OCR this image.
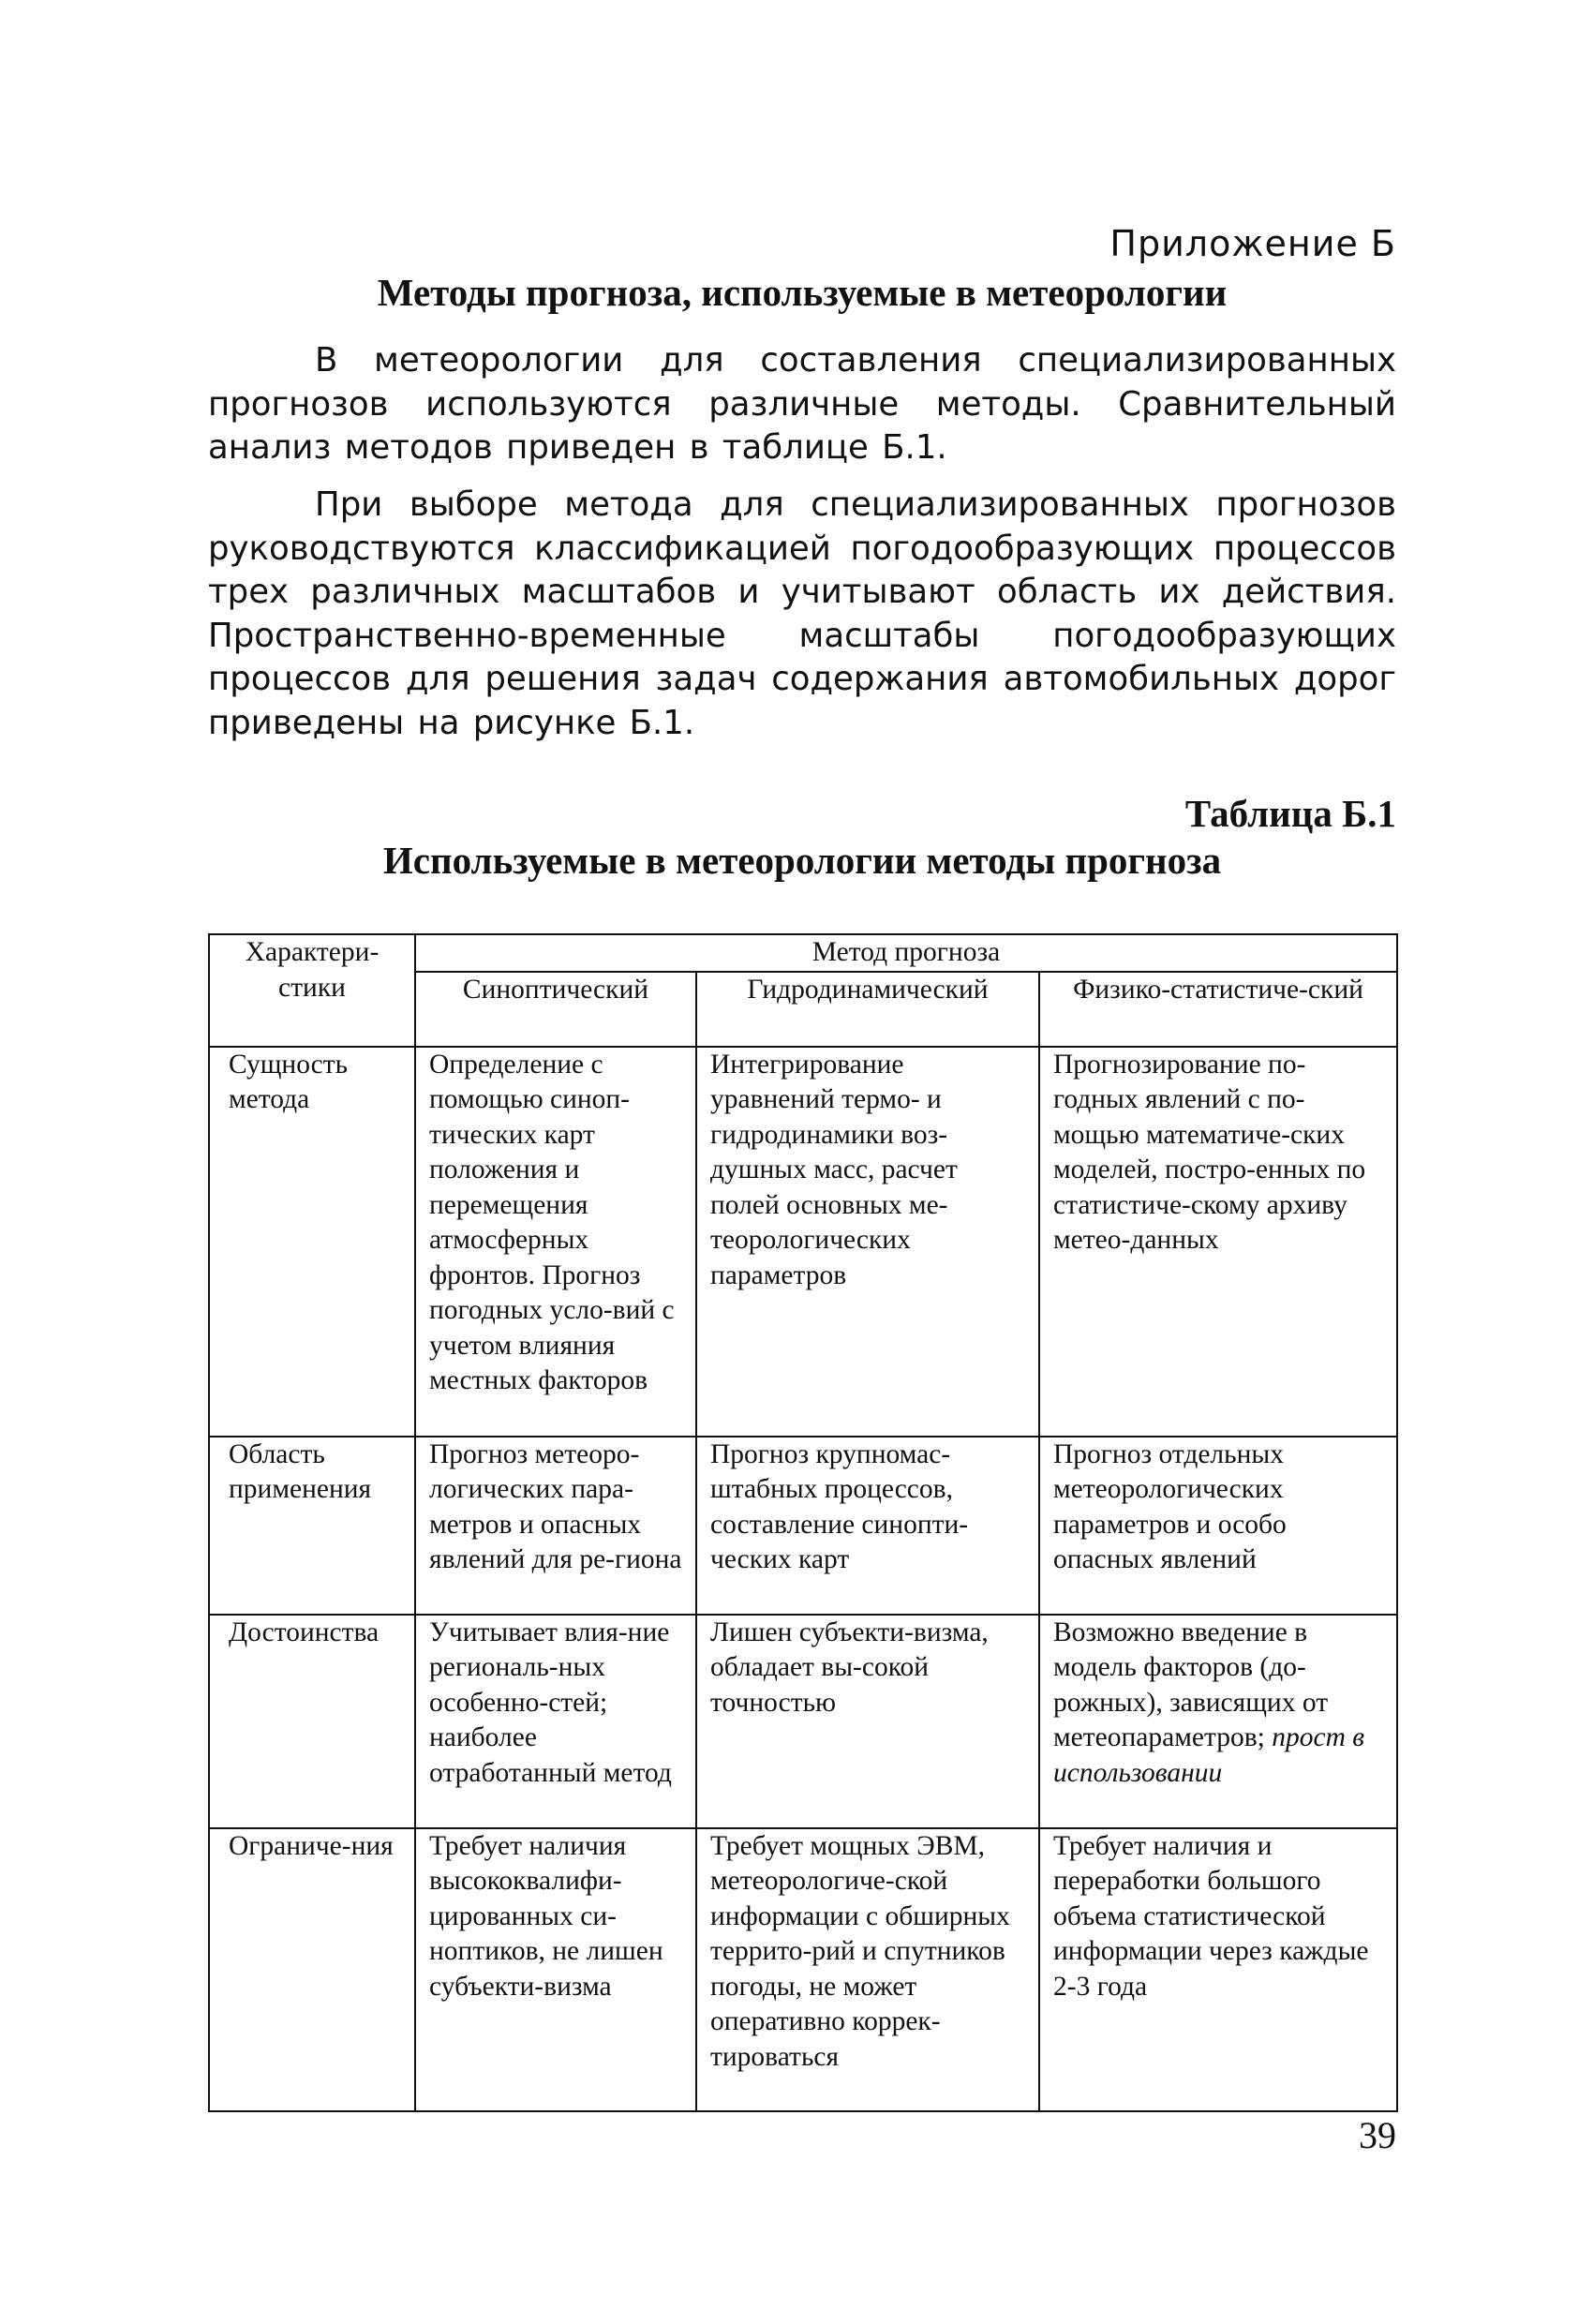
Приложение Б
Методы прогноза, используемые в метеорологии

В метеорологии для составления специализированных прогнозов используются различные методы. Сравнительный анализ методов приведен в таблице Б.1.

При выборе метода для специализированных прогнозов руководствуются классификацией погодообразующих процессов трех различных масштабов и учитывают область их действия. Пространственно-временные масштабы погодообразующих процессов для решения задач содержания автомобильных дорог приведены на рисунке Б.1.

Таблица Б.1
Используемые в метеорологии методы прогноза
Характери-стики	Метод прогноза		
	Синоптический	Гидродинамический	Физико-статистиче-ский
Сущность метода	Определение с помощью синоп-тических карт положения и перемещения атмосферных фронтов. Прогноз погодных усло-вий с учетом влияния местных факторов	Интегрирование уравнений термо- и гидродинамики воз-душных масс, расчет полей основных ме-теорологических параметров	Прогнозирование по-годных явлений с по-мощью математиче-ских моделей, постро-енных по статистиче-скому архиву метео-данных
Область применения	Прогноз метеоро-логических пара-метров и опасных явлений для ре-гиона	Прогноз крупномас-штабных процессов, составление синопти-ческих карт	Прогноз отдельных метеорологических параметров и особо опасных явлений
Достоинства	Учитывает влия-ние региональ-ных особенно-стей; наиболее отработанный метод	Лишен субъекти-визма, обладает вы-сокой точностью	Возможно введение в модель факторов (до-рожных), зависящих от метеопараметров; прост в использовании
Ограниче-ния	Требует наличия высококвалифи-цированных си-ноптиков, не лишен субъекти-визма	Требует мощных ЭВМ, метеорологиче-ской информации с обширных террито-рий и спутников погоды, не может оперативно коррек-тироваться	Требует наличия и переработки большого объема статистической информации через каждые 2-3 года
39
